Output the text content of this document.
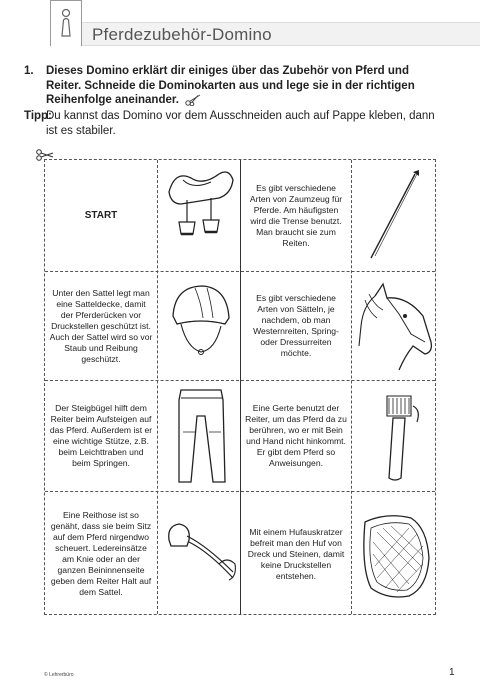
Pferdezubehör-Domino
1. Dieses Domino erklärt dir einiges über das Zubehör von Pferd und Reiter. Schneide die Dominokarten aus und lege sie in der richtigen Reihenfolge aneinander.
Tipp:
Du kannst das Domino vor dem Ausschneiden auch auf Pappe kleben, dann ist es stabiler.
START
Es gibt verschiedene Arten von Zaumzeug für Pferde. Am häufigsten wird die Trense benutzt. Man braucht sie zum Reiten.
Unter den Sattel legt man eine Satteldecke, damit der Pferderücken vor Druckstellen geschützt ist. Auch der Sattel wird so vor Staub und Reibung geschützt.
Es gibt verschiedene Arten von Sätteln, je nachdem, ob man Westernreiten, Spring- oder Dressurreiten möchte.
Der Steigbügel hilft dem Reiter beim Aufsteigen auf das Pferd. Außerdem ist er eine wichtige Stütze, z.B. beim Leichttraben und beim Springen.
Eine Gerte benutzt der Reiter, um das Pferd da zu berühren, wo er mit Bein und Hand nicht hinkommt. Er gibt dem Pferd so Anweisungen.
Eine Reithose ist so genäht, dass sie beim Sitz auf dem Pferd nirgendwo scheuert. Ledereinsätze am Knie oder an der ganzen Beininnenseite geben dem Reiter Halt auf dem Sattel.
Mit einem Hufauskratzer befreit man den Huf von Dreck und Steinen, damit keine Druckstellen entstehen.
© Lehrerbüro	1
